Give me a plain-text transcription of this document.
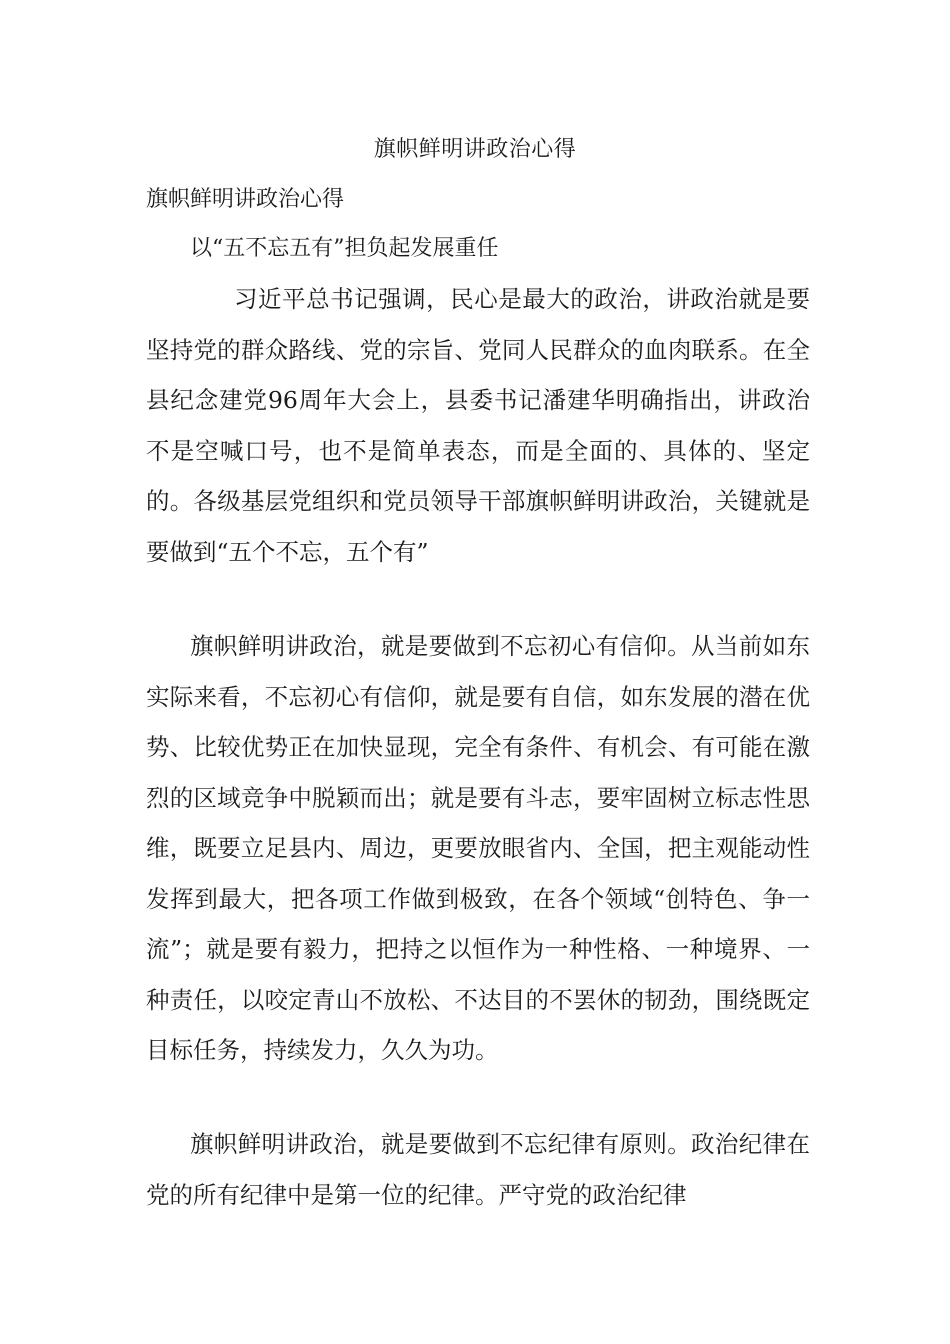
旗帜鲜明讲政治心得
旗帜鲜明讲政治心得
以“五不忘五有”担负起发展重任
习近平总书记强调，民心是最大的政治，讲政治就是要坚持党的群众路线、党的宗旨、党同人民群众的血肉联系。在全县纪念建党96周年大会上，县委书记潘建华明确指出，讲政治不是空喊口号，也不是简单表态，而是全面的、具体的、坚定的。各级基层党组织和党员领导干部旗帜鲜明讲政治，关键就是要做到“五个不忘，五个有”
旗帜鲜明讲政治，就是要做到不忘初心有信仰。从当前如东实际来看，不忘初心有信仰，就是要有自信，如东发展的潜在优势、比较优势正在加快显现，完全有条件、有机会、有可能在激烈的区域竞争中脱颖而出；就是要有斗志，要牢固树立标志性思维，既要立足县内、周边，更要放眼省内、全国，把主观能动性发挥到最大，把各项工作做到极致，在各个领域“创特色、争一流”；就是要有毅力，把持之以恒作为一种性格、一种境界、一种责任，以咬定青山不放松、不达目的不罢休的韧劲，围绕既定目标任务，持续发力，久久为功。
旗帜鲜明讲政治，就是要做到不忘纪律有原则。政治纪律在党的所有纪律中是第一位的纪律。严守党的政治纪律
